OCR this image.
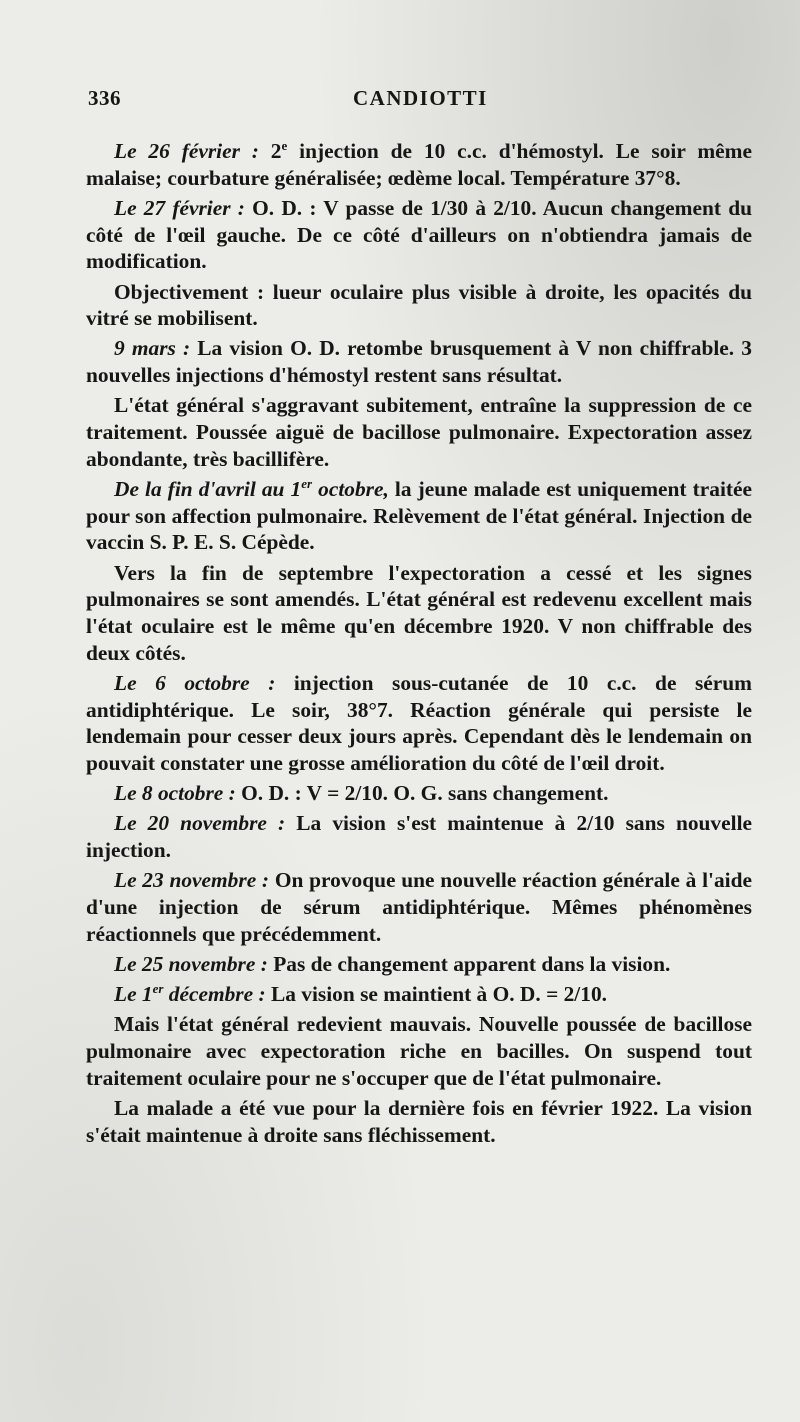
336	CANDIOTTI

Le 26 février : 2e injection de 10 c.c. d'hémostyl. Le soir même malaise; courbature généralisée; œdème local. Température 37°8.

Le 27 février : O. D. : V passe de 1/30 à 2/10. Aucun changement du côté de l'œil gauche. De ce côté d'ailleurs on n'obtiendra jamais de modification.

Objectivement : lueur oculaire plus visible à droite, les opacités du vitré se mobilisent.

9 mars : La vision O. D. retombe brusquement à V non chiffrable. 3 nouvelles injections d'hémostyl restent sans résultat.

L'état général s'aggravant subitement, entraîne la suppression de ce traitement. Poussée aiguë de bacillose pulmonaire. Expectoration assez abondante, très bacillifère.

De la fin d'avril au 1er octobre, la jeune malade est uniquement traitée pour son affection pulmonaire. Relèvement de l'état général. Injection de vaccin S. P. E. S. Cépède.

Vers la fin de septembre l'expectoration a cessé et les signes pulmonaires se sont amendés. L'état général est redevenu excellent mais l'état oculaire est le même qu'en décembre 1920. V non chiffrable des deux côtés.

Le 6 octobre : injection sous-cutanée de 10 c.c. de sérum antidiphtérique. Le soir, 38°7. Réaction générale qui persiste le lendemain pour cesser deux jours après. Cependant dès le lendemain on pouvait constater une grosse amélioration du côté de l'œil droit.

Le 8 octobre : O. D. : V = 2/10. O. G. sans changement.

Le 20 novembre : La vision s'est maintenue à 2/10 sans nouvelle injection.

Le 23 novembre : On provoque une nouvelle réaction générale à l'aide d'une injection de sérum antidiphtérique. Mêmes phénomènes réactionnels que précédemment.

Le 25 novembre : Pas de changement apparent dans la vision.

Le 1er décembre : La vision se maintient à O. D. = 2/10.

Mais l'état général redevient mauvais. Nouvelle poussée de bacillose pulmonaire avec expectoration riche en bacilles. On suspend tout traitement oculaire pour ne s'occuper que de l'état pulmonaire.

La malade a été vue pour la dernière fois en février 1922. La vision s'était maintenue à droite sans fléchissement.
